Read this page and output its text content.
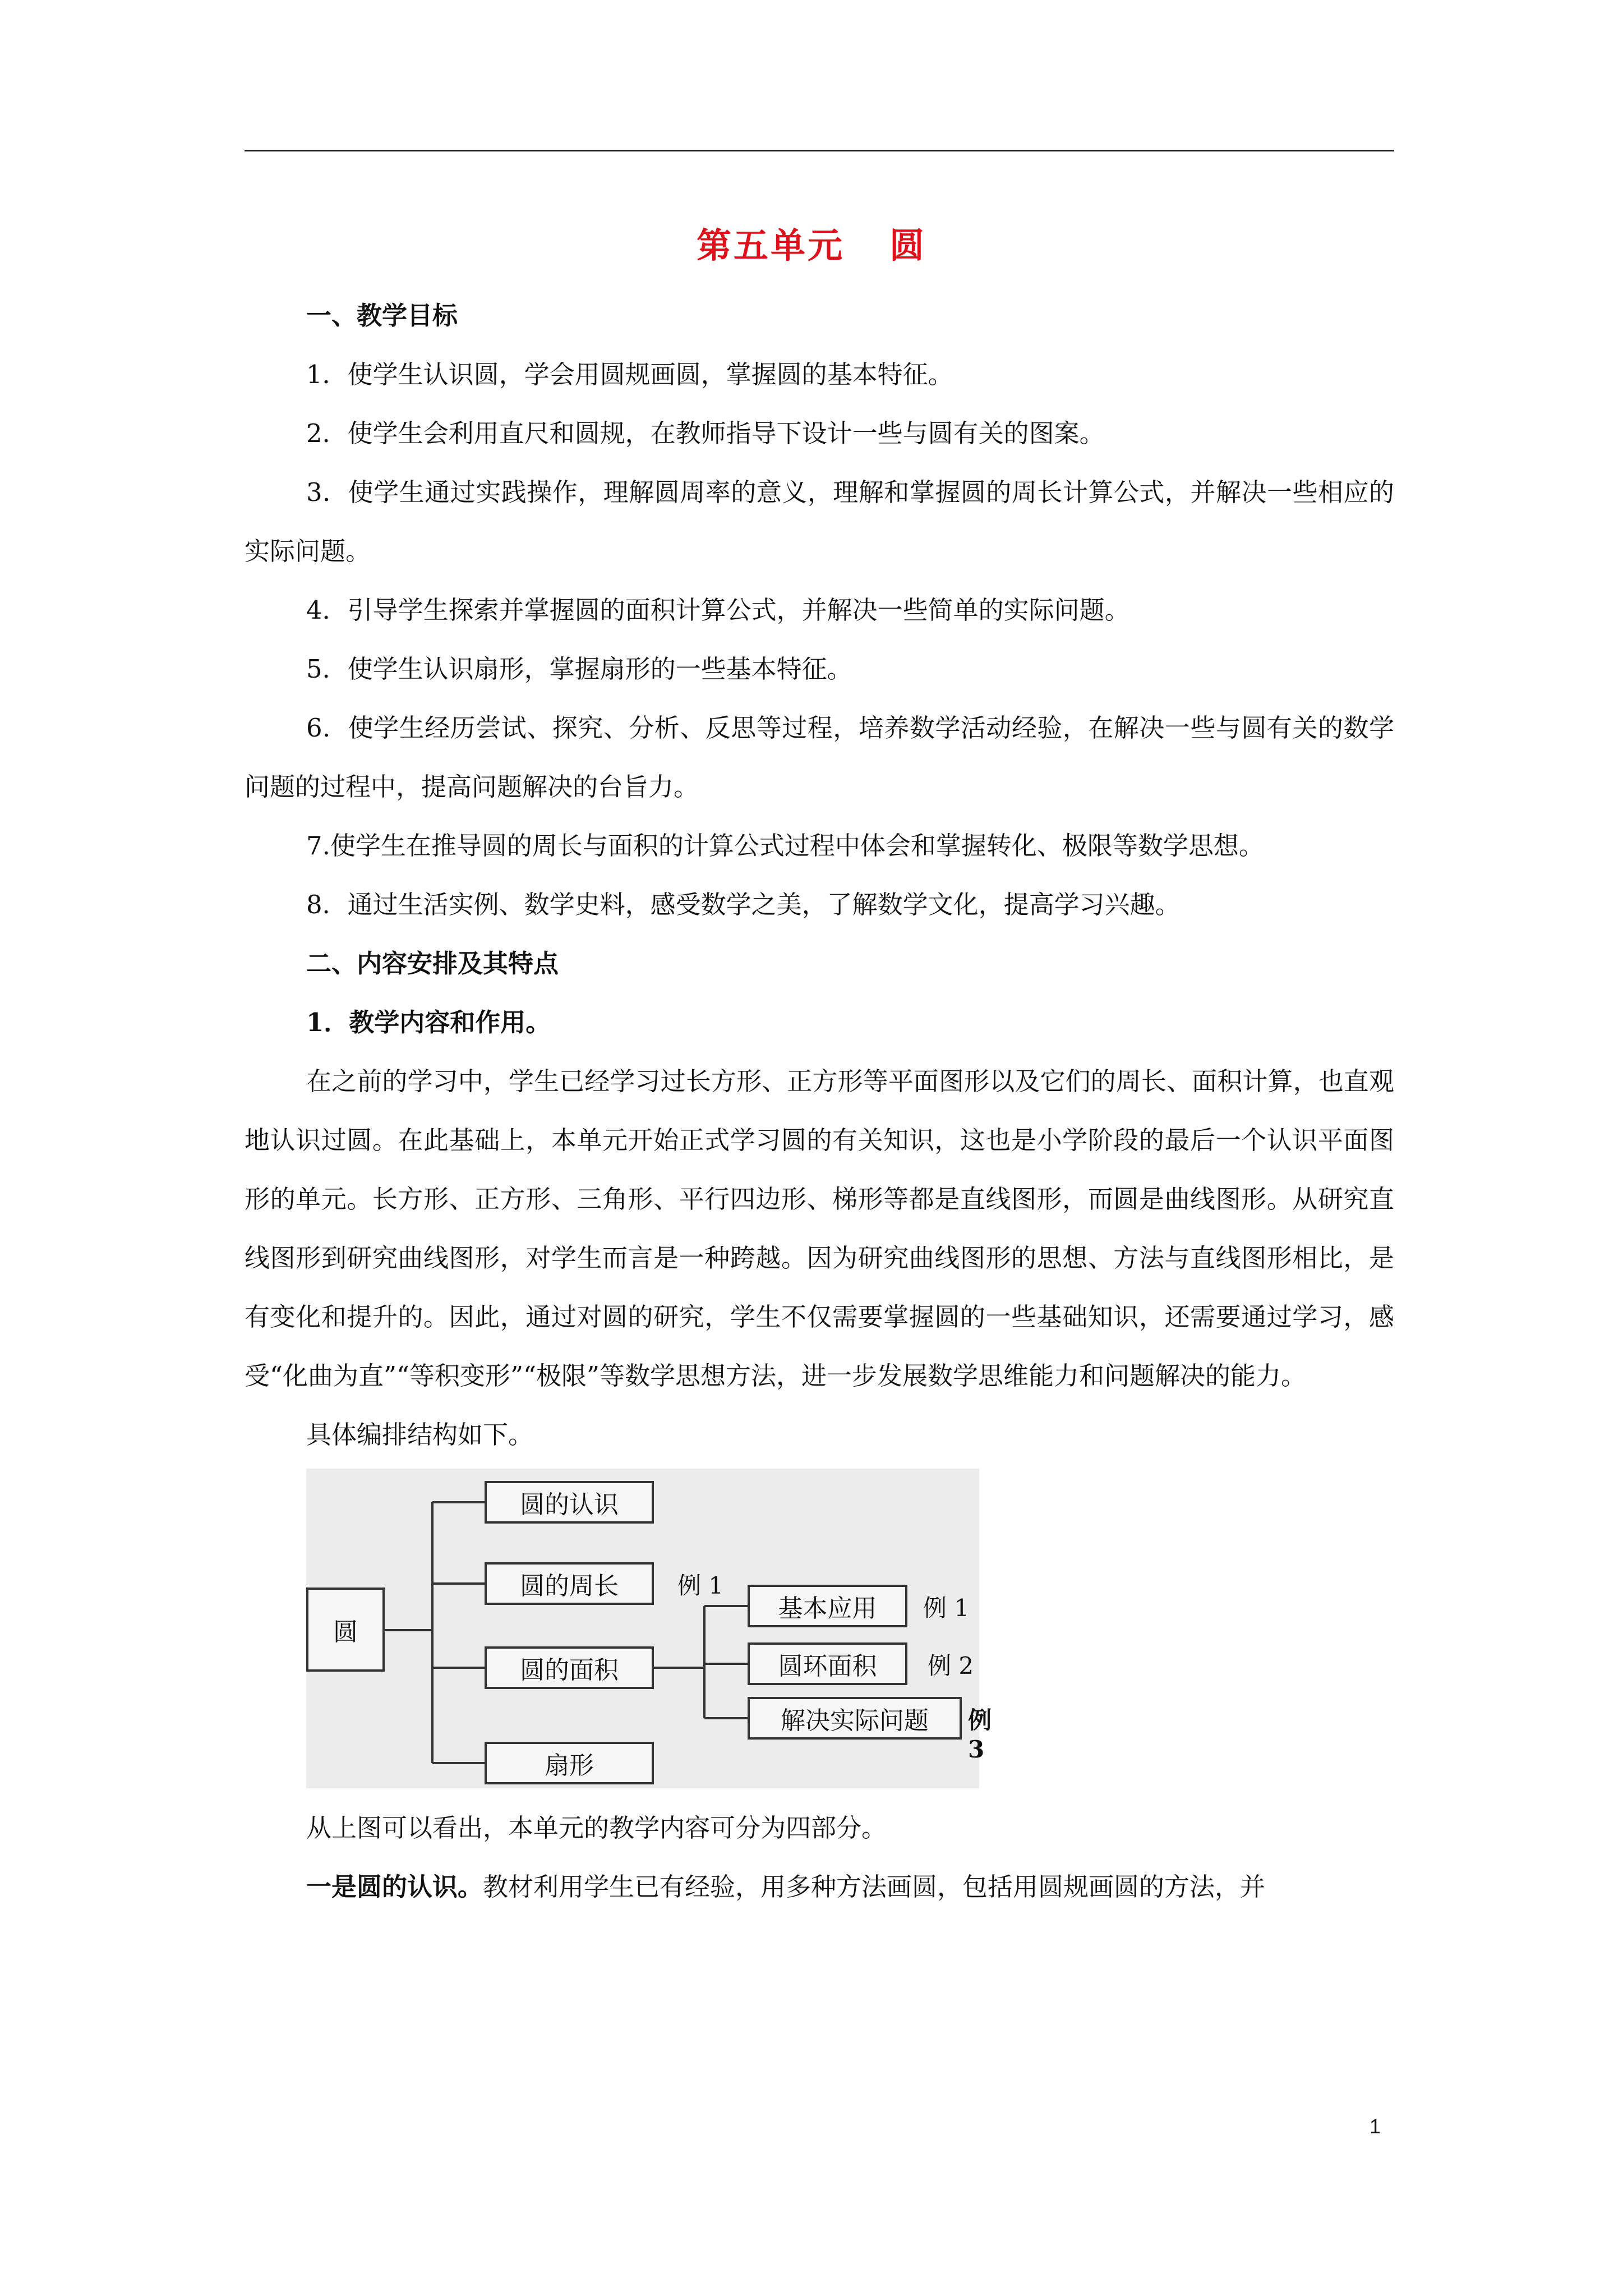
第五单元 圆

一、教学目标

1．使学生认识圆，学会用圆规画圆，掌握圆的基本特征。

2．使学生会利用直尺和圆规，在教师指导下设计一些与圆有关的图案。

3．使学生通过实践操作，理解圆周率的意义，理解和掌握圆的周长计算公式，并解决一些相应的实际问题。

4．引导学生探索并掌握圆的面积计算公式，并解决一些简单的实际问题。

5．使学生认识扇形，掌握扇形的一些基本特征。

6．使学生经历尝试、探究、分析、反思等过程，培养数学活动经验，在解决一些与圆有关的数学问题的过程中，提高问题解决的台旨力。

7.使学生在推导圆的周长与面积的计算公式过程中体会和掌握转化、极限等数学思想。

8．通过生活实例、数学史料，感受数学之美，了解数学文化，提高学习兴趣。

二、内容安排及其特点

1．教学内容和作用。

在之前的学习中，学生已经学习过长方形、正方形等平面图形以及它们的周长、面积计算，也直观地认识过圆。在此基础上，本单元开始正式学习圆的有关知识，这也是小学阶段的最后一个认识平面图形的单元。长方形、正方形、三角形、平行四边形、梯形等都是直线图形，而圆是曲线图形。从研究直线图形到研究曲线图形，对学生而言是一种跨越。因为研究曲线图形的思想、方法与直线图形相比，是有变化和提升的。因此，通过对圆的研究，学生不仅需要掌握圆的一些基础知识，还需要通过学习，感受“化曲为直”“等积变形”“极限”等数学思想方法，进一步发展数学思维能力和问题解决的能力。

具体编排结构如下。

圆
圆的认识
圆的周长	例 1
圆的面积
扇形
基本应用	例 1
圆环面积	例 2
解决实际问题	例 3

从上图可以看出，本单元的教学内容可分为四部分。

一是圆的认识。教材利用学生已有经验，用多种方法画圆，包括用圆规画圆的方法，并

1
